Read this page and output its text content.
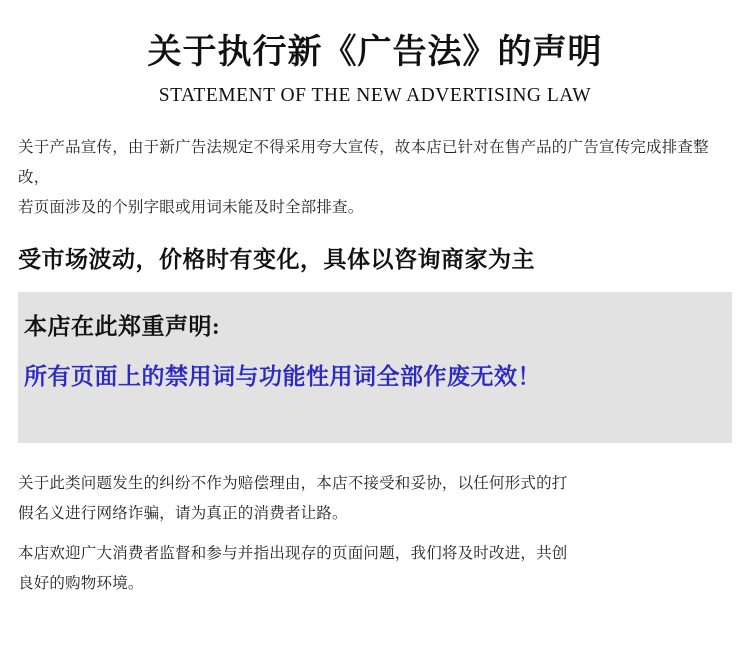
关于执行新《广告法》的声明
STATEMENT OF THE NEW ADVERTISING LAW

关于产品宣传，由于新广告法规定不得采用夸大宣传，故本店已针对在售产品的广告宣传完成排查整改，

若页面涉及的个别字眼或用词未能及时全部排查。

受市场波动，价格时有变化，具体以咨询商家为主
本店在此郑重声明:
所有页面上的禁用词与功能性用词全部作废无效！

关于此类问题发生的纠纷不作为赔偿理由，本店不接受和妥协，以任何形式的打

假名义进行网络诈骗，请为真正的消费者让路。

本店欢迎广大消费者监督和参与并指出现存的页面问题，我们将及时改进，共创

良好的购物环境。
